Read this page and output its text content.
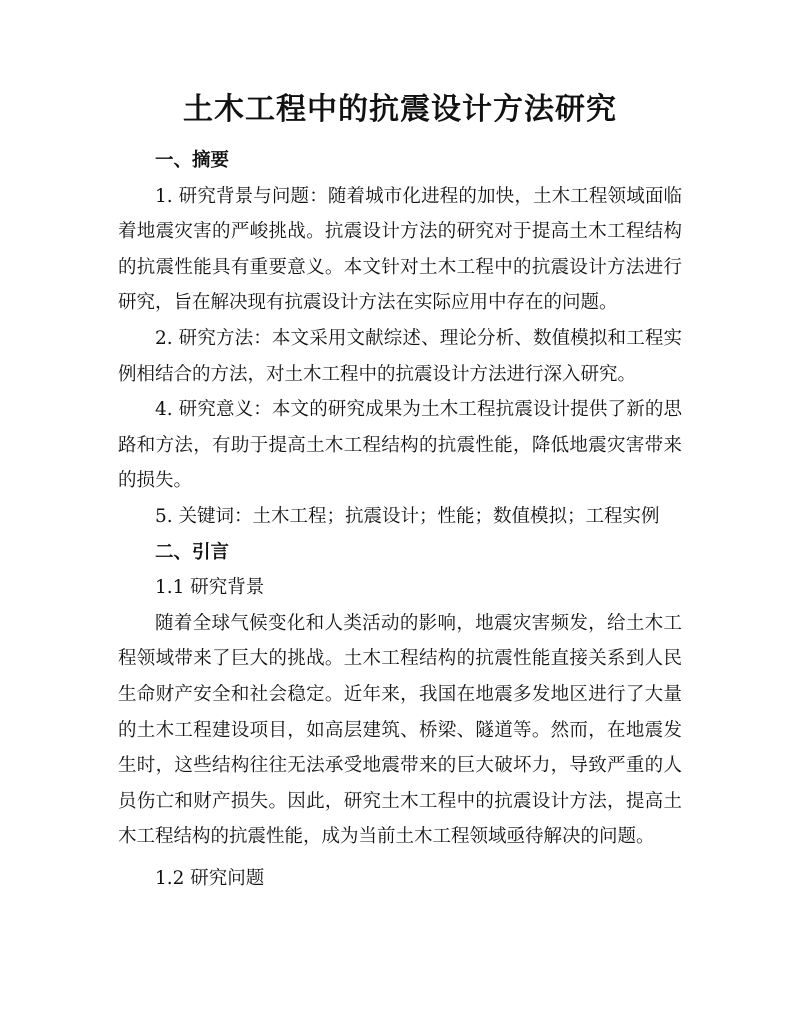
土木工程中的抗震设计方法研究

一、摘要

1. 研究背景与问题：随着城市化进程的加快，土木工程领域面临着地震灾害的严峻挑战。抗震设计方法的研究对于提高土木工程结构的抗震性能具有重要意义。本文针对土木工程中的抗震设计方法进行研究，旨在解决现有抗震设计方法在实际应用中存在的问题。

2. 研究方法：本文采用文献综述、理论分析、数值模拟和工程实例相结合的方法，对土木工程中的抗震设计方法进行深入研究。

4. 研究意义：本文的研究成果为土木工程抗震设计提供了新的思路和方法，有助于提高土木工程结构的抗震性能，降低地震灾害带来的损失。

5. 关键词：土木工程；抗震设计；性能；数值模拟；工程实例

二、引言

1.1 研究背景

随着全球气候变化和人类活动的影响，地震灾害频发，给土木工程领域带来了巨大的挑战。土木工程结构的抗震性能直接关系到人民生命财产安全和社会稳定。近年来，我国在地震多发地区进行了大量的土木工程建设项目，如高层建筑、桥梁、隧道等。然而，在地震发生时，这些结构往往无法承受地震带来的巨大破坏力，导致严重的人员伤亡和财产损失。因此，研究土木工程中的抗震设计方法，提高土木工程结构的抗震性能，成为当前土木工程领域亟待解决的问题。

1.2 研究问题
